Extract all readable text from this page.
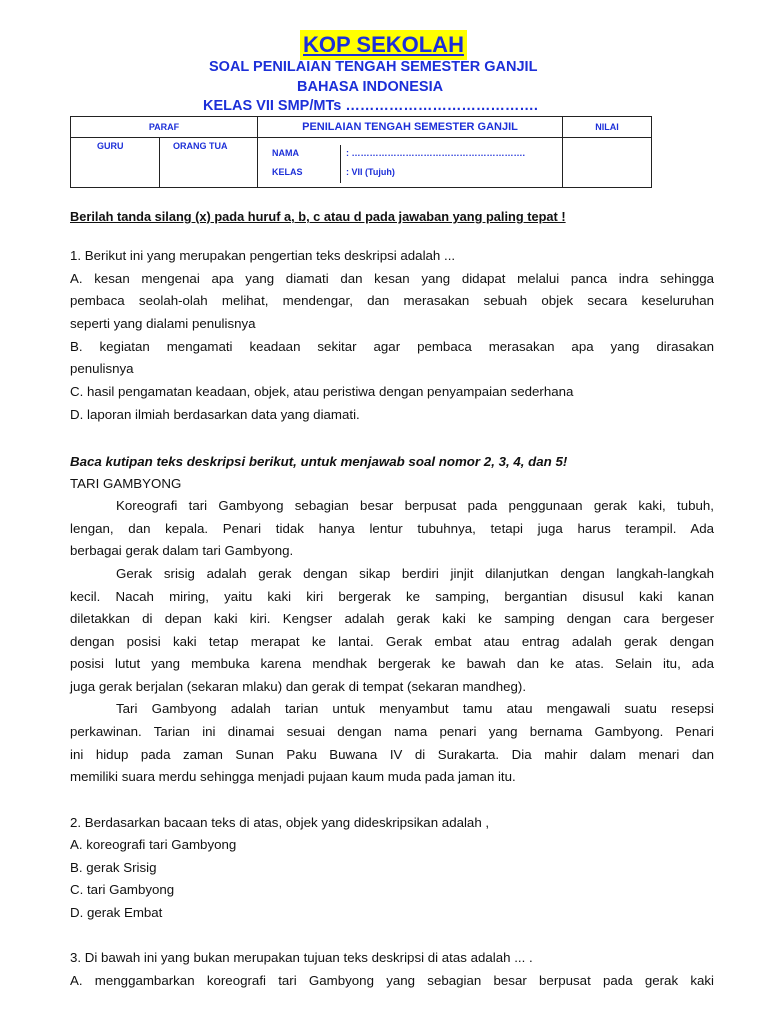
KOP SEKOLAH
SOAL PENILAIAN TENGAH SEMESTER GANJIL
BAHASA INDONESIA
KELAS VII SMP/MTs ………………………………….
PARAF	PENILAIAN TENGAH SEMESTER GANJIL	NILAI
GURU	ORANG TUA	
NAMA	: ………………………………………………….
KELAS	: VII (Tujuh)

Berilah tanda silang (x) pada huruf a, b, c atau d pada jawaban yang paling tepat !
1. Berikut ini yang merupakan pengertian teks deskripsi adalah ...
A. kesan mengenai apa yang diamati dan kesan yang didapat melalui panca indra sehingga
pembaca seolah-olah melihat, mendengar, dan merasakan sebuah objek secara keseluruhan
seperti yang dialami penulisnya
B. kegiatan mengamati keadaan sekitar agar pembaca merasakan apa yang dirasakan
penulisnya
C. hasil pengamatan keadaan, objek, atau peristiwa dengan penyampaian sederhana
D. laporan ilmiah berdasarkan data yang diamati.
Baca kutipan teks deskripsi berikut, untuk menjawab soal nomor 2, 3, 4, dan 5!
TARI GAMBYONG
Koreografi tari Gambyong sebagian besar berpusat pada penggunaan gerak kaki, tubuh,
lengan, dan kepala. Penari tidak hanya lentur tubuhnya, tetapi juga harus terampil. Ada
berbagai gerak dalam tari Gambyong.
Gerak srisig adalah gerak dengan sikap berdiri jinjit dilanjutkan dengan langkah-langkah
kecil. Nacah miring, yaitu kaki kiri bergerak ke samping, bergantian disusul kaki kanan
diletakkan di depan kaki kiri. Kengser adalah gerak kaki ke samping dengan cara bergeser
dengan posisi kaki tetap merapat ke lantai. Gerak embat atau entrag adalah gerak dengan
posisi lutut yang membuka karena mendhak bergerak ke bawah dan ke atas. Selain itu, ada
juga gerak berjalan (sekaran mlaku) dan gerak di tempat (sekaran mandheg).
Tari Gambyong adalah tarian untuk menyambut tamu atau mengawali suatu resepsi
perkawinan. Tarian ini dinamai sesuai dengan nama penari yang bernama Gambyong. Penari
ini hidup pada zaman Sunan Paku Buwana IV di Surakarta. Dia mahir dalam menari dan
memiliki suara merdu sehingga menjadi pujaan kaum muda pada jaman itu.
2. Berdasarkan bacaan teks di atas, objek yang dideskripsikan adalah ,
A. koreografi tari Gambyong
B. gerak Srisig
C. tari Gambyong
D. gerak Embat
3. Di bawah ini yang bukan merupakan tujuan teks deskripsi di atas adalah ... .
A. menggambarkan koreografi tari Gambyong yang sebagian besar berpusat pada gerak kaki
